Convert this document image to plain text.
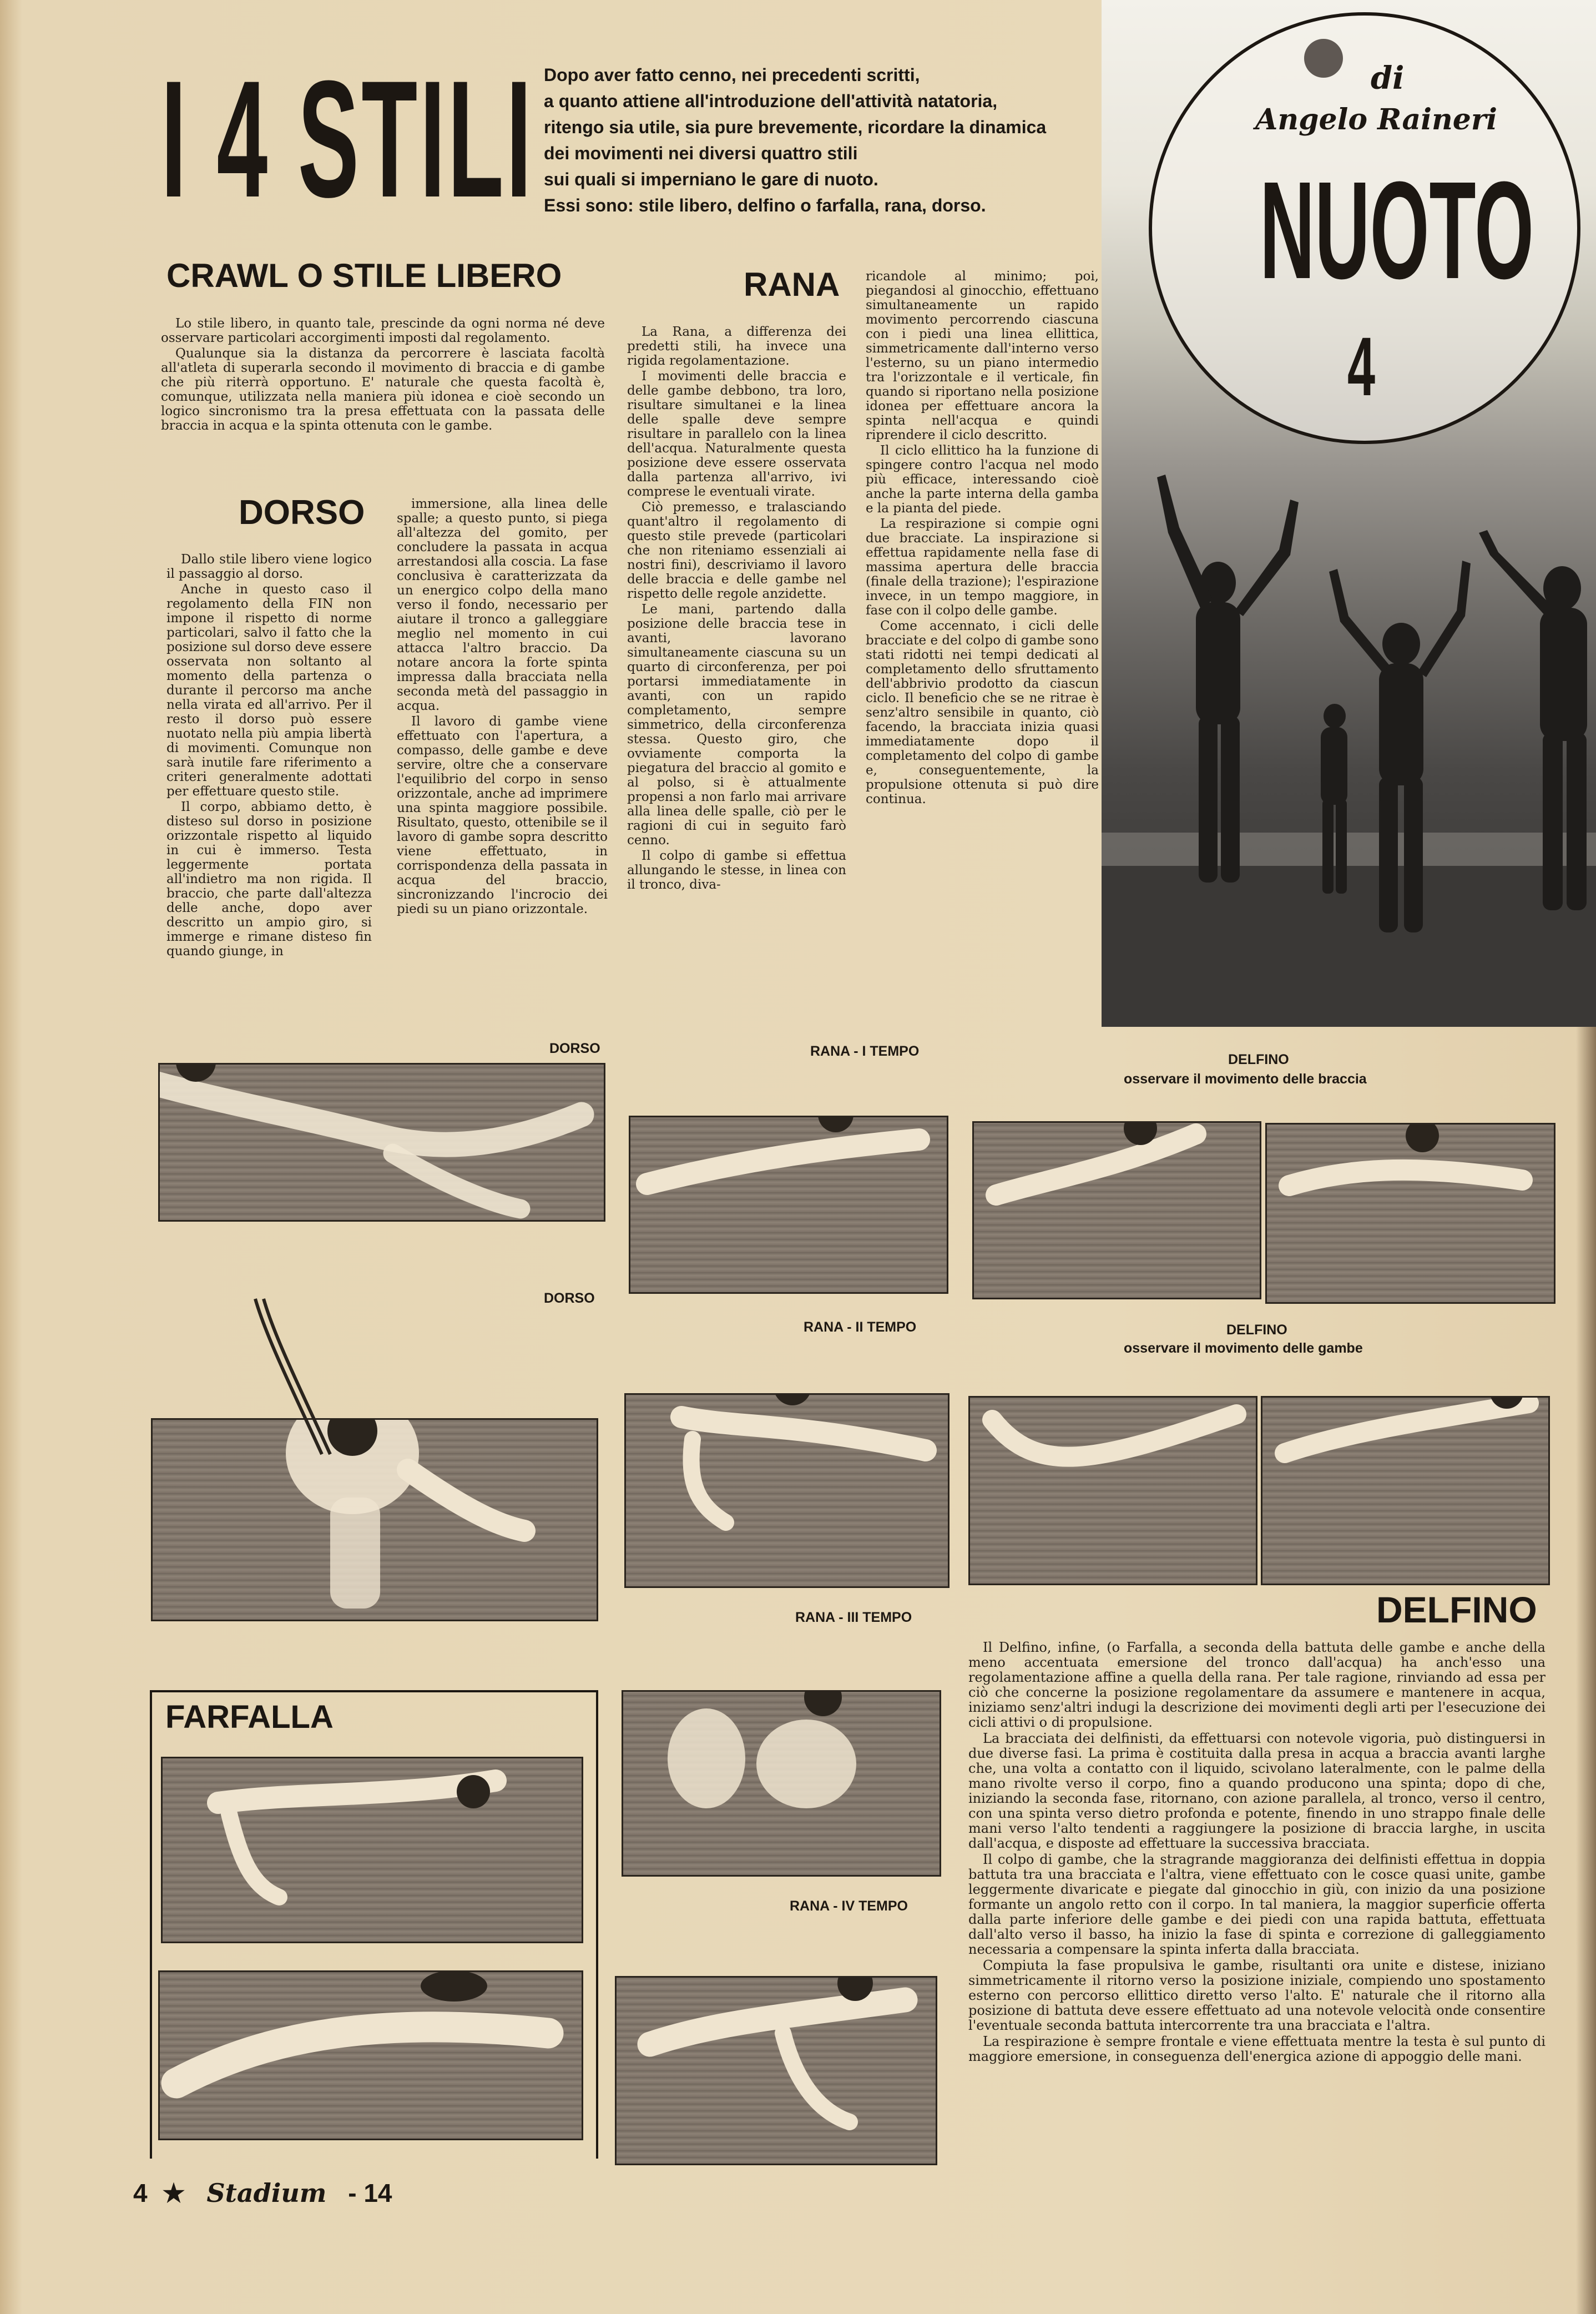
I 4 STILI Dopo aver fatto cenno, nei precedenti scritti,
a quanto attiene all'introduzione dell'attività natatoria,
ritengo sia utile, sia pure brevemente, ricordare la dinamica
dei movimenti nei diversi quattro stili
sui quali si imperniano le gare di nuoto.
Essi sono: stile libero, delfino o farfalla, rana, dorso.
di
Angelo Raineri
NUOTO
4
CRAWL O STILE LIBERO

Lo stile libero, in quanto tale, prescinde da ogni norma né deve osservare particolari accorgimenti imposti dal regolamento.

Qualunque sia la distanza da percorrere è lasciata facoltà all'atleta di superarla secondo il movimento di braccia e di gambe che più riterrà opportuno. E' naturale che questa facoltà è, comunque, utilizzata nella maniera più idonea e cioè secondo un logico sincronismo tra la presa effettuata con la passata delle braccia in acqua e la spinta ottenuta con le gambe.

DORSO

Dallo stile libero viene logico il passaggio al dorso.

Anche in questo caso il regolamento della FIN non impone il rispetto di norme particolari, salvo il fatto che la posizione sul dorso deve essere osservata non soltanto al momento della partenza o durante il percorso ma anche nella virata ed all'arrivo. Per il resto il dorso può essere nuotato nella più ampia libertà di movimenti. Comunque non sarà inutile fare riferimento a criteri generalmente adottati per effettuare questo stile.

Il corpo, abbiamo detto, è disteso sul dorso in posizione orizzontale rispetto al liquido in cui è immerso. Testa leggermente portata all'indietro ma non rigida. Il braccio, che parte dall'altezza delle anche, dopo aver descritto un ampio giro, si immerge e rimane disteso fin quando giunge, in

immersione, alla linea delle spalle; a questo punto, si piega all'altezza del gomito, per concludere la passata in acqua arrestandosi alla coscia. La fase conclusiva è caratterizzata da un energico colpo della mano verso il fondo, necessario per aiutare il tronco a galleggiare meglio nel momento in cui attacca l'altro braccio. Da notare ancora la forte spinta impressa dalla bracciata nella seconda metà del passaggio in acqua.

Il lavoro di gambe viene effettuato con l'apertura, a compasso, delle gambe e deve servire, oltre che a conservare l'equilibrio del corpo in senso orizzontale, anche ad imprimere una spinta maggiore possibile. Risultato, questo, ottenibile se il lavoro di gambe sopra descritto viene effettuato, in corrispondenza della passata in acqua del braccio, sincronizzando l'incrocio dei piedi su un piano orizzontale.

RANA

La Rana, a differenza dei predetti stili, ha invece una rigida regolamentazione.

I movimenti delle braccia e delle gambe debbono, tra loro, risultare simultanei e la linea delle spalle deve sempre risultare in parallelo con la linea dell'acqua. Naturalmente questa posizione deve essere osservata dalla partenza all'arrivo, ivi comprese le eventuali virate.

Ciò premesso, e tralasciando quant'altro il regolamento di questo stile prevede (particolari che non riteniamo essenziali ai nostri fini), descriviamo il lavoro delle braccia e delle gambe nel rispetto delle regole anzidette.

Le mani, partendo dalla posizione delle braccia tese in avanti, lavorano simultaneamente ciascuna su un quarto di circonferenza, per poi portarsi immediatamente in avanti, con un rapido completamento, sempre simmetrico, della circonferenza stessa. Questo giro, che ovviamente comporta la piegatura del braccio al gomito e al polso, si è attualmente propensi a non farlo mai arrivare alla linea delle spalle, ciò per le ragioni di cui in seguito farò cenno.

Il colpo di gambe si effettua allungando le stesse, in linea con il tronco, diva-

ricandole al minimo; poi, piegandosi al ginocchio, effettuano simultaneamente un rapido movimento percorrendo ciascuna con i piedi una linea ellittica, simmetricamente dall'interno verso l'esterno, su un piano intermedio tra l'orizzontale e il verticale, fin quando si riportano nella posizione idonea per effettuare ancora la spinta nell'acqua e quindi riprendere il ciclo descritto.

Il ciclo ellittico ha la funzione di spingere contro l'acqua nel modo più efficace, interessando cioè anche la parte interna della gamba e la pianta del piede.

La respirazione si compie ogni due bracciate. La inspirazione si effettua rapidamente nella fase di massima apertura delle braccia (finale della trazione); l'espirazione invece, in un tempo maggiore, in fase con il colpo delle gambe.

Come accennato, i cicli delle bracciate e del colpo di gambe sono stati ridotti nei tempi dedicati al completamento dello sfruttamento dell'abbrivio prodotto da ciascun ciclo. Il beneficio che se ne ritrae è senz'altro sensibile in quanto, ciò facendo, la bracciata inizia quasi immediatamente dopo il completamento del colpo di gambe e, conseguentemente, la propulsione ottenuta si può dire continua.

DORSO
DORSO
FARFALLA
RANA - I TEMPO
RANA - II TEMPO
RANA - III TEMPO
RANA - IV TEMPO
DELFINO
osservare il movimento delle braccia
DELFINO
osservare il movimento delle gambe
DELFINO

Il Delfino, infine, (o Farfalla, a seconda della battuta delle gambe e anche della meno accentuata emersione del tronco dall'acqua) ha anch'esso una regolamentazione affine a quella della rana. Per tale ragione, rinviando ad essa per ciò che concerne la posizione regolamentare da assumere e mantenere in acqua, iniziamo senz'altri indugi la descrizione dei movimenti degli arti per l'esecuzione dei cicli attivi o di propulsione.

La bracciata dei delfinisti, da effettuarsi con notevole vigoria, può distinguersi in due diverse fasi. La prima è costituita dalla presa in acqua a braccia avanti larghe che, una volta a contatto con il liquido, scivolano lateralmente, con le palme della mano rivolte verso il corpo, fino a quando producono una spinta; dopo di che, iniziando la seconda fase, ritornano, con azione parallela, al tronco, verso il centro, con una spinta verso dietro profonda e potente, finendo in uno strappo finale delle mani verso l'alto tendenti a raggiungere la posizione di braccia larghe, in uscita dall'acqua, e disposte ad effettuare la successiva bracciata.

Il colpo di gambe, che la stragrande maggioranza dei delfinisti effettua in doppia battuta tra una bracciata e l'altra, viene effettuato con le cosce quasi unite, gambe leggermente divaricate e piegate dal ginocchio in giù, con inizio da una posizione formante un angolo retto con il corpo. In tal maniera, la maggior superficie offerta dalla parte inferiore delle gambe e dei piedi con una rapida battuta, effettuata dall'alto verso il basso, ha inizio la fase di spinta e correzione di galleggiamento necessaria a compensare la spinta inferta dalla bracciata.

Compiuta la fase propulsiva le gambe, risultanti ora unite e distese, iniziano simmetricamente il ritorno verso la posizione iniziale, compiendo uno spostamento esterno con percorso ellittico diretto verso l'alto. E' naturale che il ritorno alla posizione di battuta deve essere effettuato ad una notevole velocità onde consentire l'eventuale seconda battuta intercorrente tra una bracciata e l'altra.

La respirazione è sempre frontale e viene effettuata mentre la testa è sul punto di maggiore emersione, in conseguenza dell'energica azione di appoggio delle mani.

4 ★ Stadium - 14
